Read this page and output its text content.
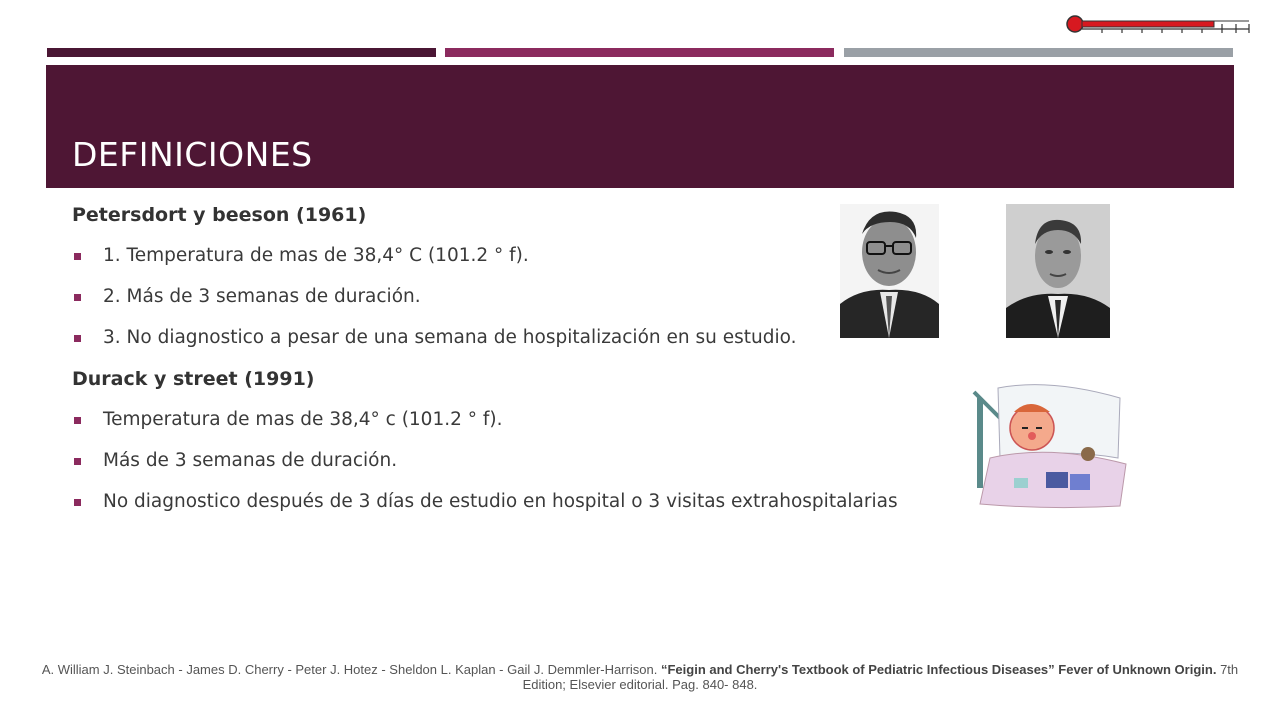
DEFINICIONES
Petersdort y beeson (1961)
1. Temperatura de mas de 38,4° C (101.2 ° f).
2. Más de 3 semanas de duración.
3. No diagnostico a pesar de una semana de hospitalización en su estudio.
Durack y street (1991)
Temperatura de mas de 38,4° c (101.2 ° f).
Más de 3 semanas de duración.
No diagnostico después de 3 días de estudio en hospital o 3 visitas extrahospitalarias
A. William J. Steinbach - James D. Cherry - Peter J. Hotez - Sheldon L. Kaplan - Gail J. Demmler-Harrison. “Feigin and Cherry's Textbook of Pediatric Infectious Diseases” Fever of Unknown Origin. 7th Edition; Elsevier editorial. Pag. 840- 848.
